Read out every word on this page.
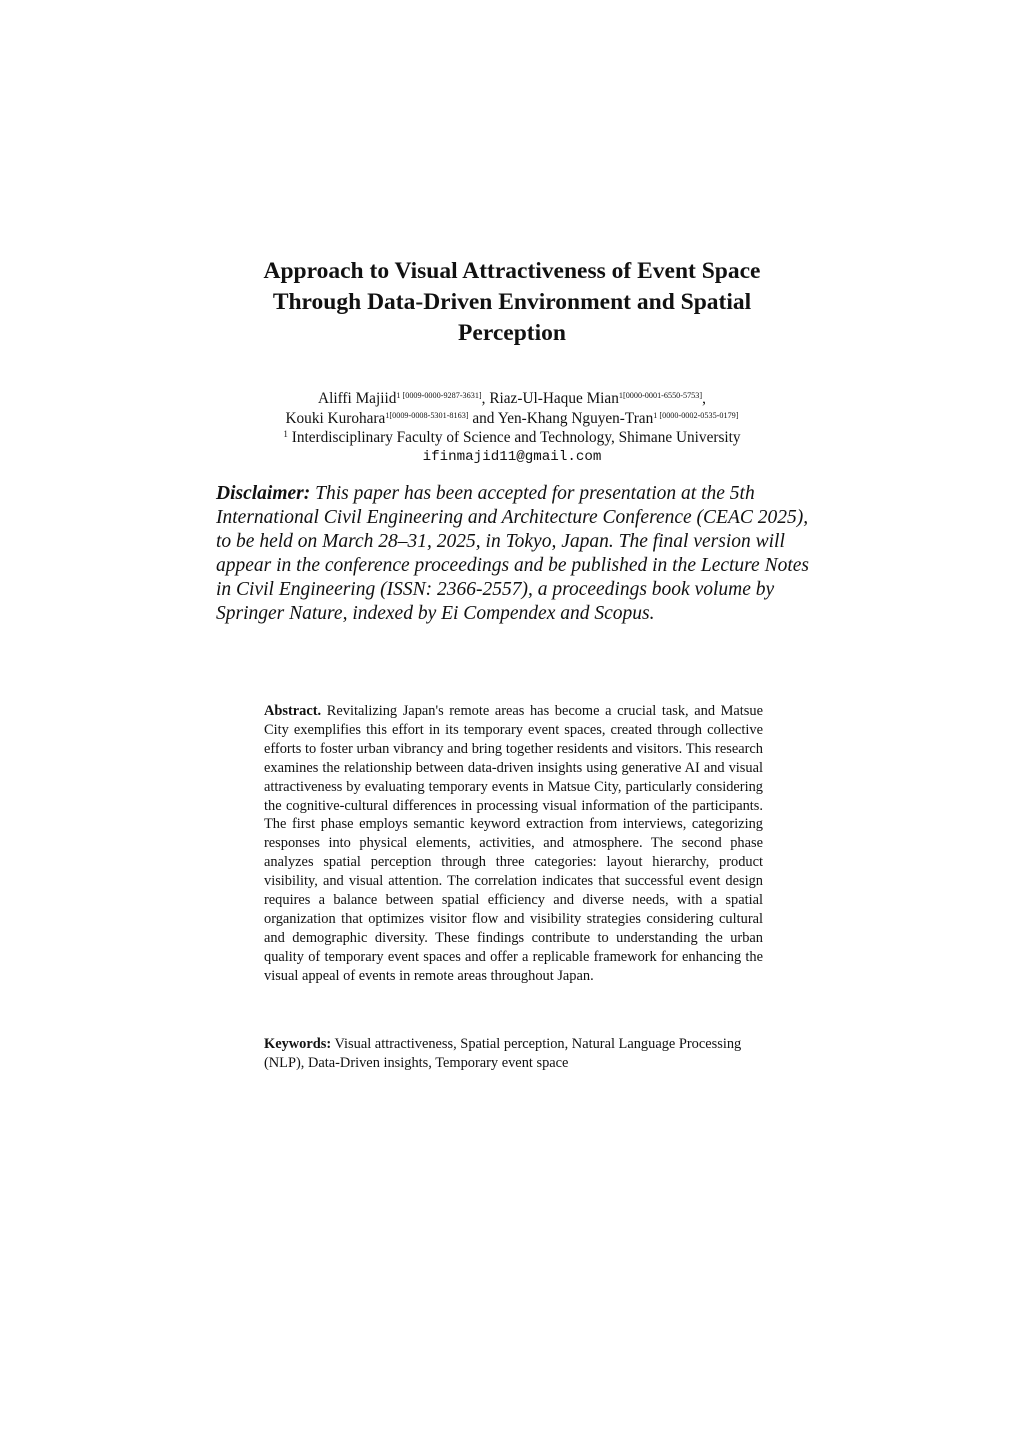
Approach to Visual Attractiveness of Event Space
Through Data-Driven Environment and Spatial
Perception
Aliffi Majiid$^{1 [0009-0000-9287-3631]}$, Riaz-Ul-Haque Mian$^{1[0000-0001-6550-5753]}$,
Kouki Kurohara$^{1[0009-0008-5301-8163]}$ and Yen-Khang Nguyen-Tran$^{1 [0000-0002-0535-0179]}$
$^1$ Interdisciplinary Faculty of Science and Technology, Shimane University
ifinmajid11@gmail.com
Disclaimer: This paper has been accepted for presentation at the 5th International Civil Engineering and Architecture Conference (CEAC 2025), to be held on March 28–31, 2025, in Tokyo, Japan. The final version will appear in the conference proceedings and be published in the Lecture Notes in Civil Engineering (ISSN: 2366-2557), a proceedings book volume by Springer Nature, indexed by Ei Compendex and Scopus.
Abstract. Revitalizing Japan's remote areas has become a crucial task, and Matsue City exemplifies this effort in its temporary event spaces, created through collective efforts to foster urban vibrancy and bring together residents and visitors. This research examines the relationship between data-driven insights using generative AI and visual attractiveness by evaluating temporary events in Matsue City, particularly considering the cognitive-cultural differences in processing visual information of the participants. The first phase employs semantic keyword extraction from interviews, categorizing responses into physical elements, activities, and atmosphere. The second phase analyzes spatial perception through three categories: layout hierarchy, product visibility, and visual attention. The correlation indicates that successful event design requires a balance between spatial efficiency and diverse needs, with a spatial organization that optimizes visitor flow and visibility strategies considering cultural and demographic diversity. These findings contribute to understanding the urban quality of temporary event spaces and offer a replicable framework for enhancing the visual appeal of events in remote areas throughout Japan.
Keywords: Visual attractiveness, Spatial perception, Natural Language Processing (NLP), Data-Driven insights, Temporary event space
